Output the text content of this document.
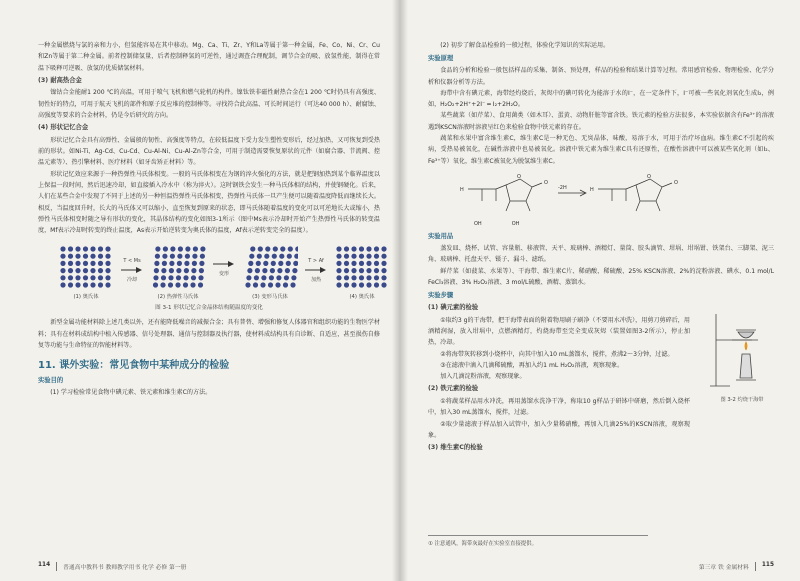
一种金属燃烧与氯的亲和力小，但氢能容易在其中移动。Mg、Ca、Ti、Zr、Y和La等属于第一种金属，Fe、Co、Ni、Cr、Cu和Zn等属于第二种金属。前者控制储氢量，后者控制释氢的可逆性，通过调查合理配制，调节合金的吸、放氢性能，制得在常温下吸释可逆吸、放氢的优质储氢材料。

(3) 耐高热合金

镍钴合金能耐1 200 ℃的高温，可用于喷气飞机和燃气轮机的构件。镍钛铁非磁性耐热合金在1 200 ℃时仍具有高强度、韧性好的特点，可用于航天飞机的部件和原子反应堆的控制棒等。寻找符合此高温、可长时间运行（可达40 000 h）、耐腐蚀、高强度等要求的合金材料，仍是今后研究的方向。

(4) 形状记忆合金

形状记忆合金具有高弹性、金属般的韧性、高强度等特点，在较低温度下受力发生塑性变形后，经过加热，又可恢复到受热前的形状。如Ni-Ti、Ag-Cd、Cu-Cd、Cu-Al-Ni、Cu-Al-Zn等合金，可用于制造需要恢复原状的元件（如腐合器、节流阀、控温元素等）、热引擎材料、医疗材料（如牙齿矫正材料）等。

形状记忆效应来源于一种热弹性马氏体相变。一般的马氏体相变在为钢的淬火强化的方法，就是把钢加热到某个临界温度以上保温一段时间，然后迅速冷却，如直接插入冷水中（称为淬火）。这时钢铁会发生一种马氏体相的结构，并使钢硬化。后来，人们在某些合金中发现了不同于上述的另一种恒温热弹性马氏体相变，热弹性马氏体一旦产生便可以随着温度降低而继续长大。相反，当温度回升时，长大的马氏体又可以缩小，直至恢复到原来的状态，即马氏体随着温度的变化可以可逆地长大或缩小，热弹性马氏体相变时随之导有形状的变化，其晶体结构的变化如图3-1所示（图中Ms表示冷却时开始产生热弹性马氏体的转变温度，Mf表示冷却时转变的终止温度，As表示开始逆转变为奥氏体的温度，Af表示逆转变完全的温度）。

(1) 奥氏体
T < Ms
冷却
(2) 热弹性马氏体
变形
(3) 变形马氏体
T > Af
加热
(4) 奥氏体
图 3-1 形状记忆合金晶体结构随温度的变化

新型金属功能材料除上述几类以外，还有能降低噪音的减振合金；具有普替、增强和修复人体器官和组织功能的生物医学材料；具有在材料成结构中植入传感器、信号处理器、通信与控制器及执行器，使材料成结构具有自诊断、自适应，甚至损伤自修复等功能与生命特征的智能材料等。

11. 课外实验：常见食物中某种成分的检验
实验目的

(1) 学习检验常见食物中碘元素、铁元素和维生素C的方法。

114	普通高中教科书 教师教学用书 化学 必修 第一册

(2) 初步了解食品检验的一般过程，体验化学知识的实际运用。

实验原理

食品的分析和检验一般包括样品的采集、制备、预处理，样品的检验和结果计算等过程。常用感官检验、物理检验、化学分析和仪器分析等方法。

海带中含有碘元素，海带经灼烧后，灰烬中的碘可转化为能溶于水的I⁻，在一定条件下，I⁻可被一些氧化剂氧化生成I₂，例如，H₂O₂+2H⁺+2I⁻ ═ I₂+2H₂O。

某些蔬菜（如芹菜）、食用菌类（如木耳）、蛋黄、动物肝脏等富含铁。铁元素的检验方法很多，本实验依据含有Fe³⁺的溶液遇到KSCN溶液时溶液呈红色来检验食物中铁元素的存在。

蔬菜和水果中富含维生素C，维生素C是一种无色、无臭晶体，味酸，易溶于水，可用于治疗坏血病。维生素C不引起的疾病，受热易被氧化，在碱性溶液中也易被氧化。溶液中铁元素为维生素C具有还原性，在酸性溶液中可以被某些氧化剂（如I₂、Fe³⁺等）氧化，维生素C被氧化为脱氢维生素C。

H
O
O
H
O
O
-2H
OH	OH
实验用品

蒸发皿、烧杯、试管、容量瓶、移液管、天平、玻璃棒、酒精灯、量筒、胶头滴管、坩埚、坩埚钳、铁架台、三脚架、泥三角、玻璃棒、托盘天平、镊子、漏斗、滤纸。

鲜芹菜（如菠菜、水果等）、干海带、维生素C片、稀硝酸、稀硫酸、25% KSCN溶液、2%的淀粉溶液、碘水、0.1 mol/L FeCl₃溶液、3% H₂O₂溶液、3 mol/L硫酸、酒精、蒸馏水。

实验步骤
(1) 碘元素的检验

①取约3 g的干海带，把干海带表面的附着物用刷子刷净（不要用水冲洗），用剪刀剪碎后，用酒精润湿，放入坩埚中，点燃酒精灯，灼烧海带至完全变成灰烬（装置如图3-2所示），停止加热，冷却。

②将海带灰转移到小烧杯中，向其中加入10 mL蒸馏水，搅拌，煮沸2～3分钟，过滤。

③在滤液中滴入几滴稀硫酸，再加入约1 mL H₂O₂溶液，观察现象。

加入几滴淀粉溶液，观察现象。

(2) 铁元素的检验

①将蔬菜样品用水冲洗，再用蒸馏水洗净干净，称取10 g样品于研钵中研磨，然后倒入烧杯中，加入30 mL蒸馏水，搅拌，过滤。

②取少量滤液于样品加入试管中，加入少量稀硝酸，再加入几滴25%的KSCN溶液，观察现象。

(3) 维生素C的检验
图 3-2 灼烧干海带
① 注意通风，海带灰最好在实验室直接提供。
第三章 铁 金属材料	115
